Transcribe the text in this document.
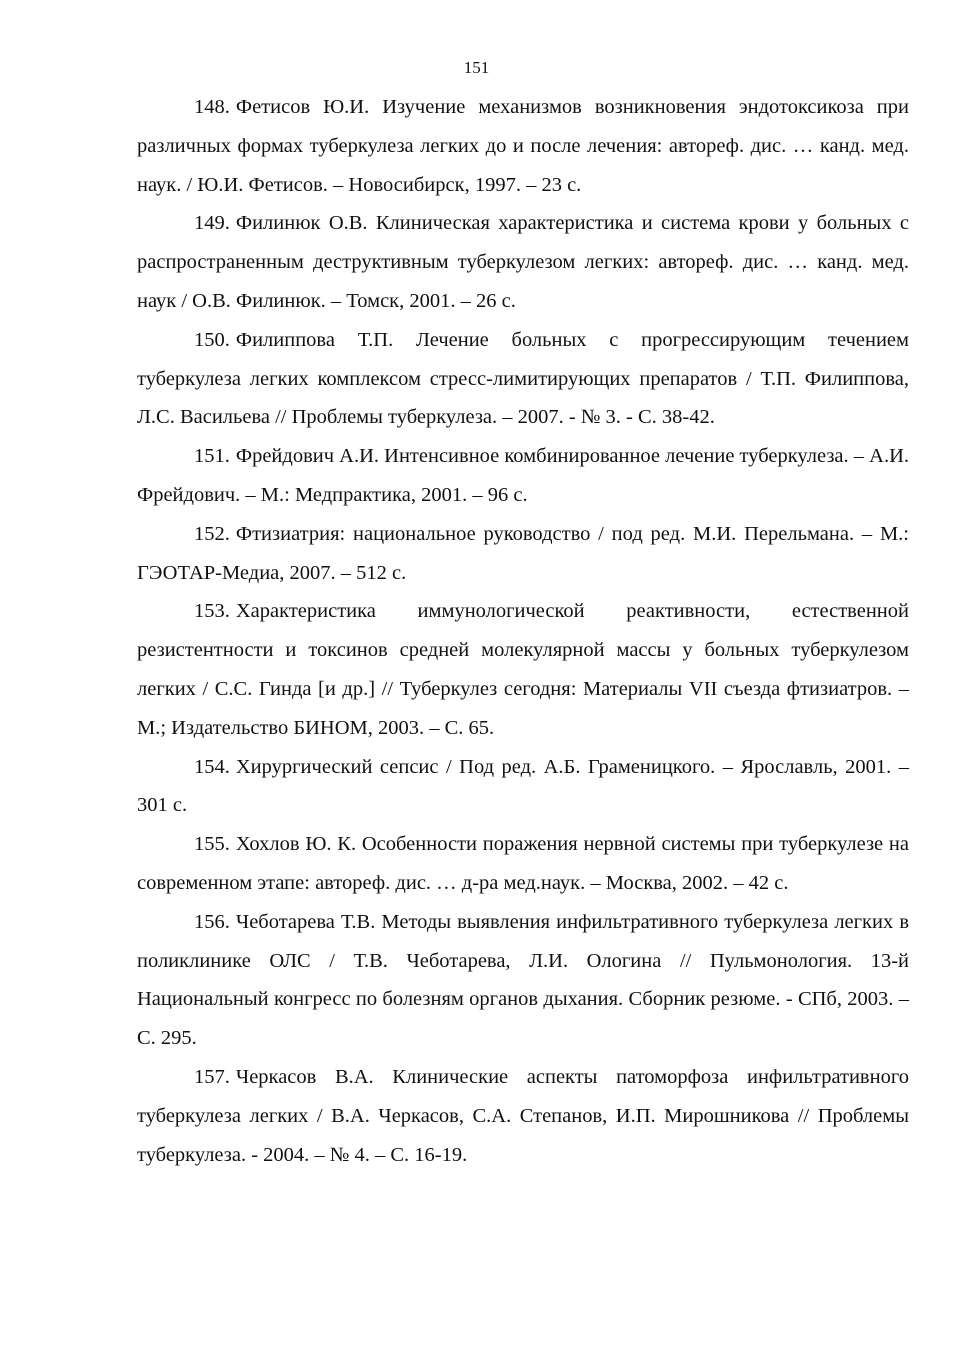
151
148. Фетисов Ю.И. Изучение механизмов возникновения эндотоксикоза при различных формах туберкулеза легких до и после лечения: автореф. дис. … канд. мед. наук. / Ю.И. Фетисов. – Новосибирск, 1997. – 23 с.
149. Филинюк О.В. Клиническая характеристика и система крови у больных с распространенным деструктивным туберкулезом легких: автореф. дис. … канд. мед. наук / О.В. Филинюк. – Томск, 2001. – 26 с.
150. Филиппова Т.П. Лечение больных с прогрессирующим течением туберкулеза легких комплексом стресс-лимитирующих препаратов / Т.П. Филиппова, Л.С. Васильева // Проблемы туберкулеза. – 2007. - № 3. - С. 38-42.
151. Фрейдович А.И. Интенсивное комбинированное лечение туберкулеза. – А.И. Фрейдович. – М.: Медпрактика, 2001. – 96 с.
152. Фтизиатрия: национальное руководство / под ред. М.И. Перельмана. – М.: ГЭОТАР-Медиа, 2007. – 512 с.
153. Характеристика иммунологической реактивности, естественной резистентности и токсинов средней молекулярной массы у больных туберкулезом легких / С.С. Гинда [и др.] // Туберкулез сегодня: Материалы VII съезда фтизиатров. – М.; Издательство БИНОМ, 2003. – С. 65.
154. Хирургический сепсис / Под ред. А.Б. Граменицкого. – Ярославль, 2001. – 301 с.
155. Хохлов Ю. К. Особенности поражения нервной системы при туберкулезе на современном этапе: автореф. дис. … д-ра мед.наук. – Москва, 2002. – 42 с.
156. Чеботарева Т.В. Методы выявления инфильтративного туберкулеза легких в поликлинике ОЛС / Т.В. Чеботарева, Л.И. Ологина // Пульмонология. 13-й Национальный конгресс по болезням органов дыхания. Сборник резюме. - СПб, 2003. – С. 295.
157. Черкасов В.А. Клинические аспекты патоморфоза инфильтративного туберкулеза легких / В.А. Черкасов, С.А. Степанов, И.П. Мирошникова // Проблемы туберкулеза. - 2004. – № 4. – С. 16-19.
